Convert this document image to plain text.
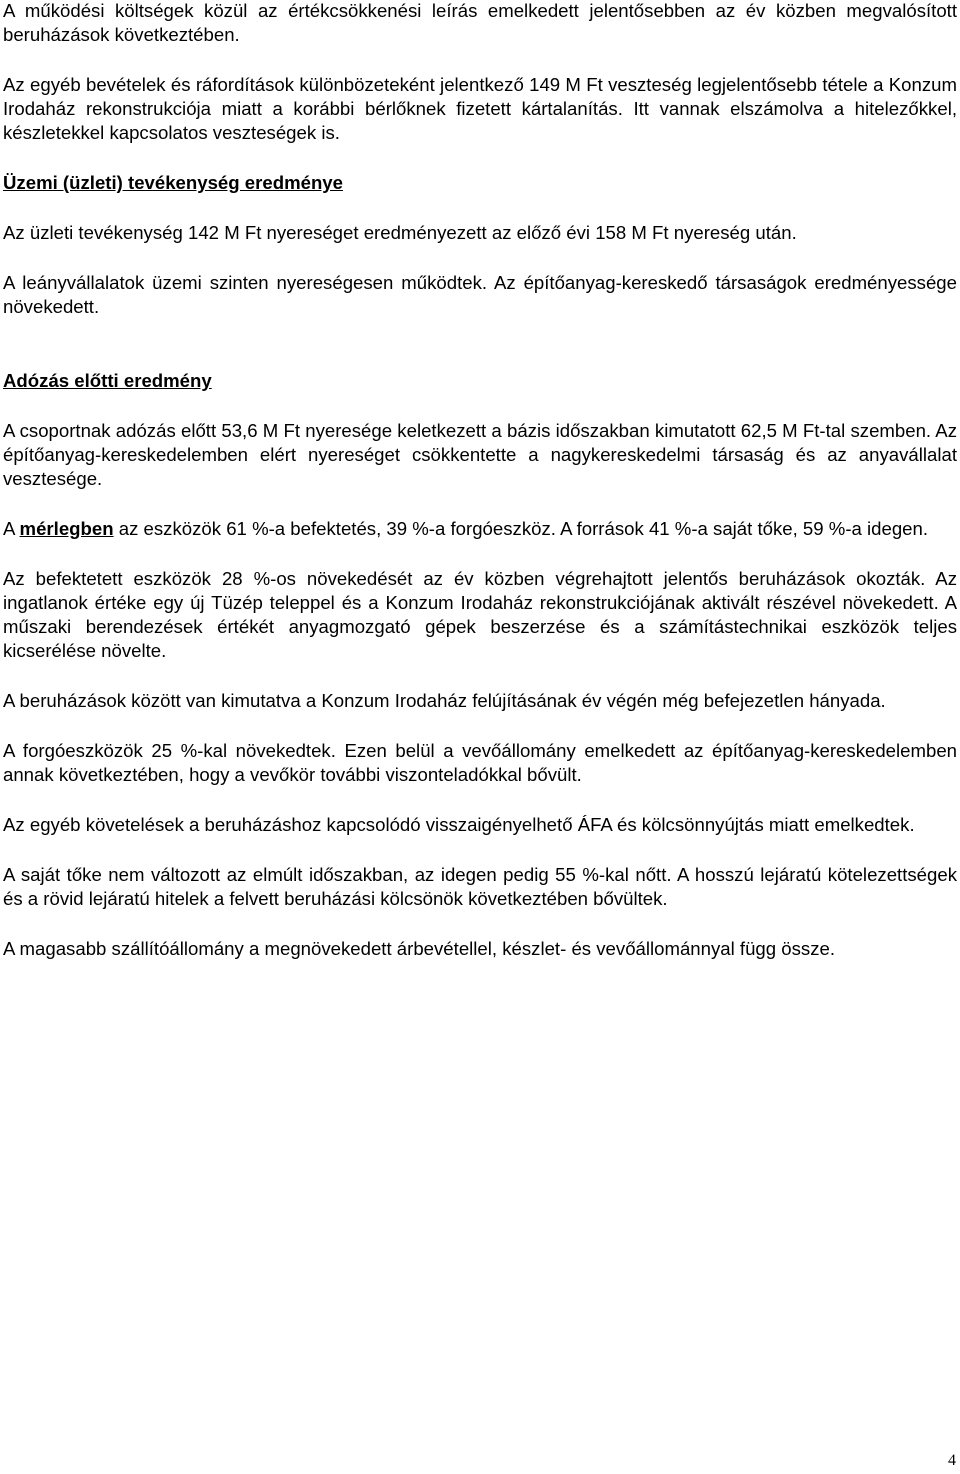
A működési költségek közül az értékcsökkenési leírás emelkedett jelentősebben az év közben megvalósított beruházások következtében.

Az egyéb bevételek és ráfordítások különbözeteként jelentkező 149 M Ft veszteség legjelentősebb tétele a Konzum Irodaház rekonstrukciója miatt a korábbi bérlőknek fizetett kártalanítás. Itt vannak elszámolva a hitelezőkkel, készletekkel kapcsolatos veszteségek is.

Üzemi (üzleti) tevékenység eredménye

Az üzleti tevékenység 142 M Ft nyereséget eredményezett az előző évi 158 M Ft nyereség után.

A leányvállalatok üzemi szinten nyereségesen működtek. Az építőanyag-kereskedő társaságok eredményessége növekedett.

Adózás előtti eredmény

A csoportnak adózás előtt 53,6 M Ft nyeresége keletkezett a bázis időszakban kimutatott 62,5 M Ft-tal szemben. Az építőanyag-kereskedelemben elért nyereséget csökkentette a nagykereskedelmi társaság és az anyavállalat vesztesége.

A mérlegben az eszközök 61 %-a befektetés, 39 %-a forgóeszköz. A források 41 %-a saját tőke, 59 %-a idegen.

Az befektetett eszközök 28 %-os növekedését az év közben végrehajtott jelentős beruházások okozták. Az ingatlanok értéke egy új Tüzép teleppel és a Konzum Irodaház rekonstrukciójának aktivált részével növekedett. A műszaki berendezések értékét anyagmozgató gépek beszerzése és a számítástechnikai eszközök teljes kicserélése növelte.

A beruházások között van kimutatva a Konzum Irodaház felújításának év végén még befejezetlen hányada.

A forgóeszközök 25 %-kal növekedtek. Ezen belül a vevőállomány emelkedett az építőanyag-kereskedelemben annak következtében, hogy a vevőkör további viszonteladókkal bővült.

Az egyéb követelések a beruházáshoz kapcsolódó visszaigényelhető ÁFA és kölcsönnyújtás miatt emelkedtek.

A saját tőke nem változott az elmúlt időszakban, az idegen pedig 55 %-kal nőtt. A hosszú lejáratú kötelezettségek és a rövid lejáratú hitelek a felvett beruházási kölcsönök következtében bővültek.

A magasabb szállítóállomány a megnövekedett árbevétellel, készlet- és vevőállománnyal függ össze.

4
